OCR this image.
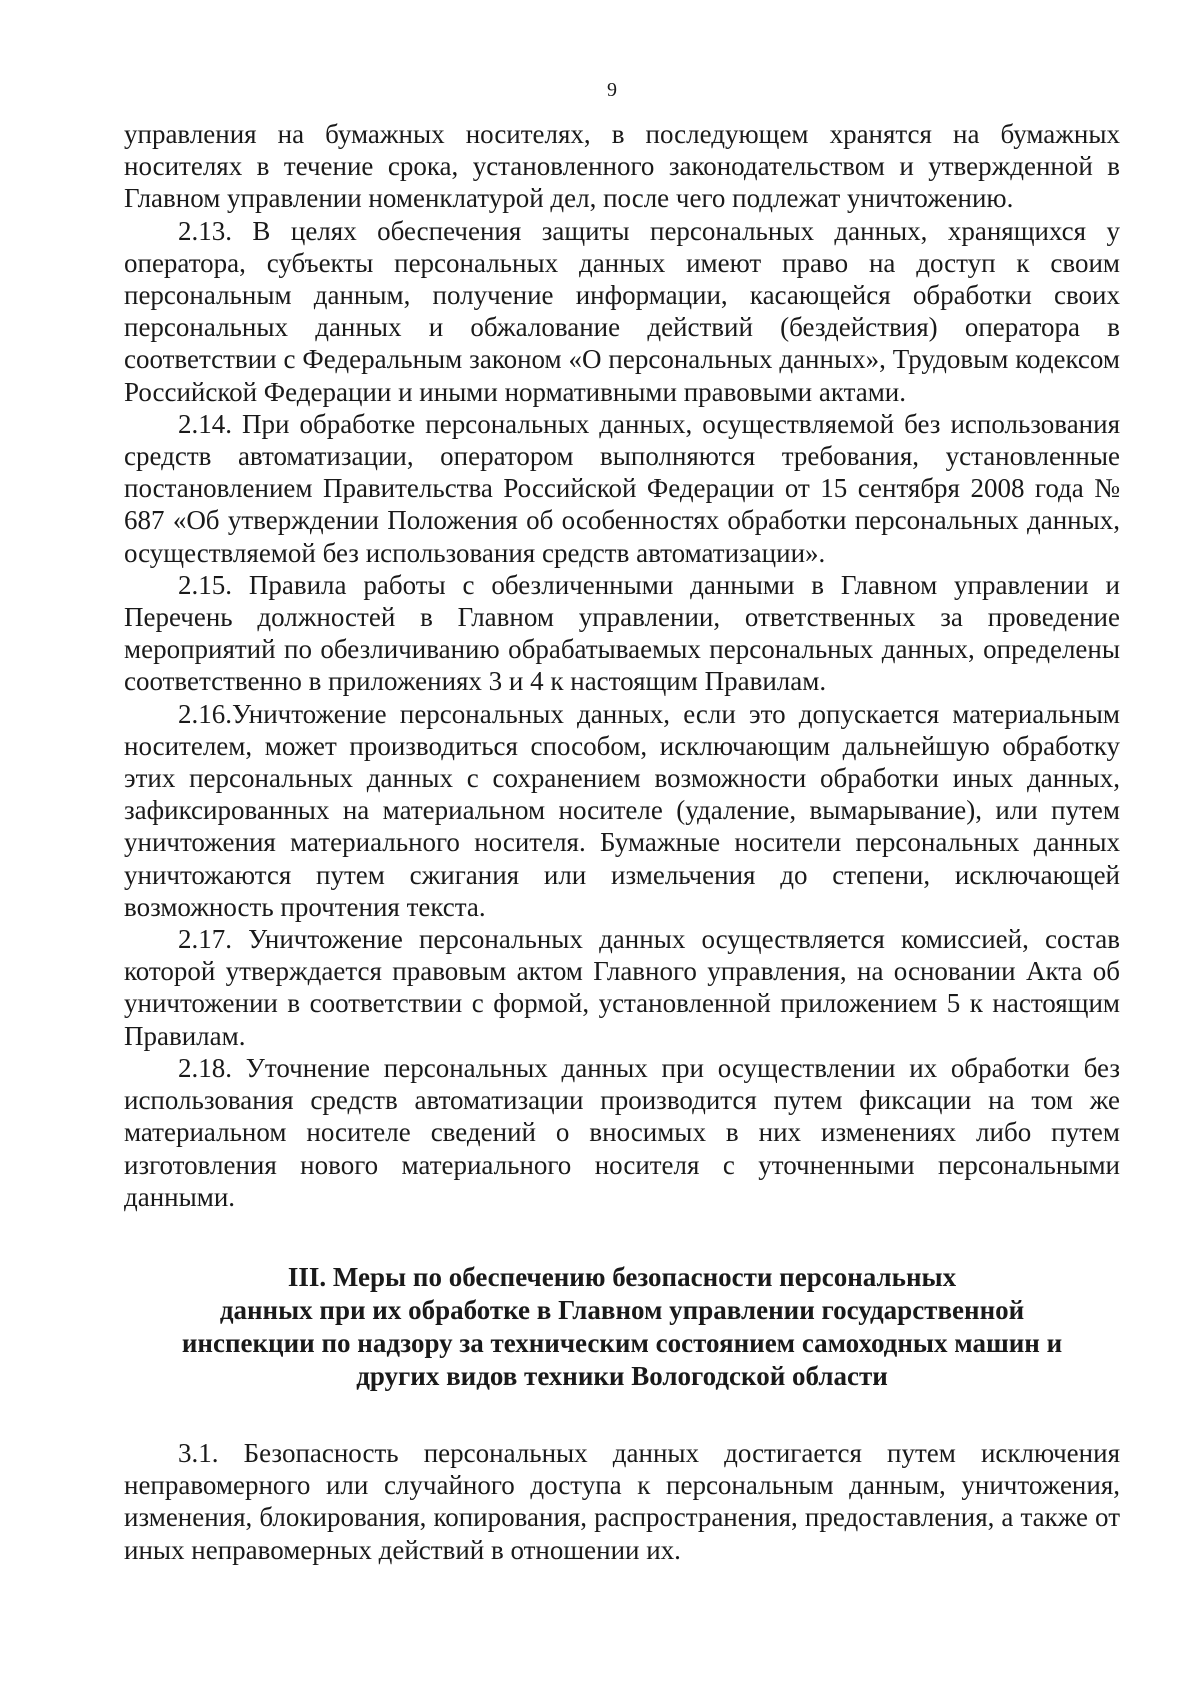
9

управления на бумажных носителях, в последующем хранятся на бумажных носителях в течение срока, установленного законодательством и утвержденной в Главном управлении номенклатурой дел, после чего подлежат уничтожению.

2.13. В целях обеспечения защиты персональных данных, хранящихся у оператора, субъекты персональных данных имеют право на доступ к своим персональным данным, получение информации, касающейся обработки своих персональных данных и обжалование действий (бездействия) оператора в соответствии с Федеральным законом «О персональных данных», Трудовым кодексом Российской Федерации и иными нормативными правовыми актами.

2.14. При обработке персональных данных, осуществляемой без использования средств автоматизации, оператором выполняются требования, установленные постановлением Правительства Российской Федерации от 15 сентября 2008 года № 687 «Об утверждении Положения об особенностях обработки персональных данных, осуществляемой без использования средств автоматизации».

2.15. Правила работы с обезличенными данными в Главном управлении и Перечень должностей в Главном управлении, ответственных за проведение мероприятий по обезличиванию обрабатываемых персональных данных, определены соответственно в приложениях 3 и 4 к настоящим Правилам.

2.16.Уничтожение персональных данных, если это допускается материальным носителем, может производиться способом, исключающим дальнейшую обработку этих персональных данных с сохранением возможности обработки иных данных, зафиксированных на материальном носителе (удаление, вымарывание), или путем уничтожения материального носителя. Бумажные носители персональных данных уничтожаются путем сжигания или измельчения до степени, исключающей возможность прочтения текста.

2.17. Уничтожение персональных данных осуществляется комиссией, состав которой утверждается правовым актом Главного управления, на основании Акта об уничтожении в соответствии с формой, установленной приложением 5 к настоящим Правилам.

2.18. Уточнение персональных данных при осуществлении их обработки без использования средств автоматизации производится путем фиксации на том же материальном носителе сведений о вносимых в них изменениях либо путем изготовления нового материального носителя с уточненными персональными данными.

III. Меры по обеспечению безопасности персональных
данных при их обработке в Главном управлении государственной
инспекции по надзору за техническим состоянием самоходных машин и
других видов техники Вологодской области

3.1. Безопасность персональных данных достигается путем исключения неправомерного или случайного доступа к персональным данным, уничтожения, изменения, блокирования, копирования, распространения, предоставления, а также от иных неправомерных действий в отношении их.
